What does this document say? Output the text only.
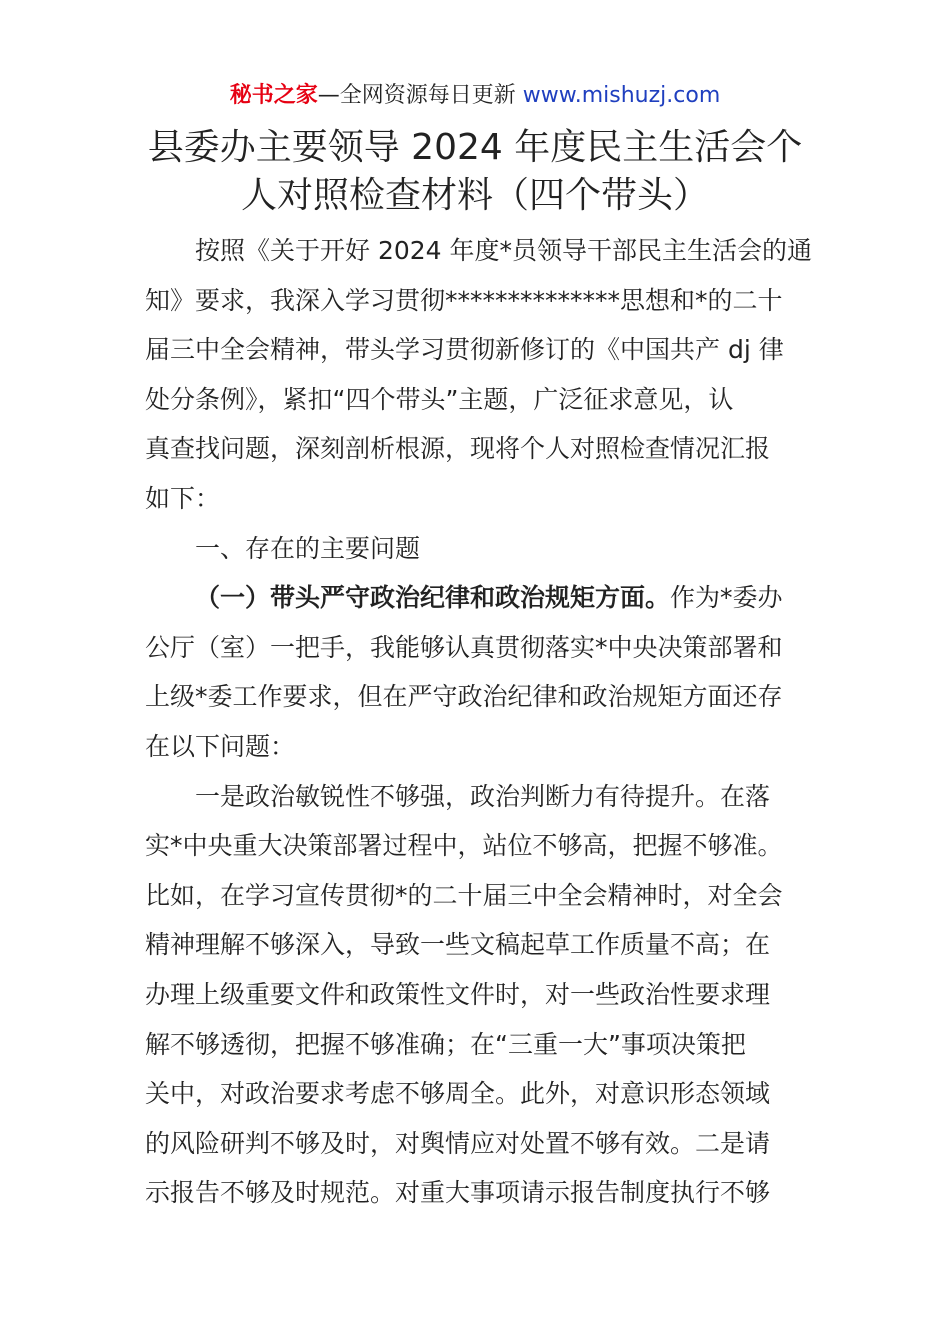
秘书之家—全网资源每日更新 www.mishuzj.com
县委办主要领导 2024 年度民主生活会个
人对照检查材料（四个带头）
按照《关于开好 2024 年度*员领导干部民主生活会的通
知》要求，我深入学习贯彻**************思想和*的二十
届三中全会精神，带头学习贯彻新修订的《中国共产 dj 律
处分条例》，紧扣“四个带头”主题，广泛征求意见，认
真查找问题，深刻剖析根源，现将个人对照检查情况汇报
如下：
一、存在的主要问题
（一）带头严守政治纪律和政治规矩方面。作为*委办
公厅（室）一把手，我能够认真贯彻落实*中央决策部署和
上级*委工作要求，但在严守政治纪律和政治规矩方面还存
在以下问题：
一是政治敏锐性不够强，政治判断力有待提升。在落
实*中央重大决策部署过程中，站位不够高，把握不够准。
比如，在学习宣传贯彻*的二十届三中全会精神时，对全会
精神理解不够深入，导致一些文稿起草工作质量不高；在
办理上级重要文件和政策性文件时，对一些政治性要求理
解不够透彻，把握不够准确；在“三重一大”事项决策把
关中，对政治要求考虑不够周全。此外，对意识形态领域
的风险研判不够及时，对舆情应对处置不够有效。二是请
示报告不够及时规范。对重大事项请示报告制度执行不够
